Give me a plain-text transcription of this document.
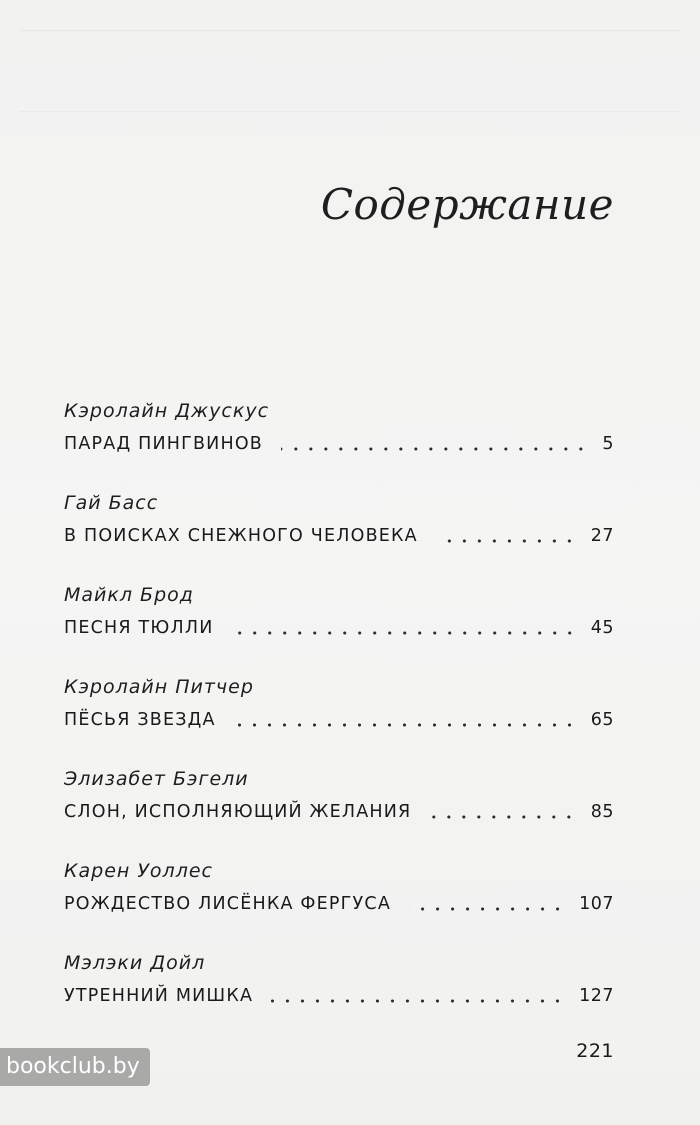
Содержание
Кэролайн Джускус
ПАРАД ПИНГВИНОВ	5
Гай Басс
В ПОИСКАХ СНЕЖНОГО ЧЕЛОВЕКА	27
Майкл Брод
ПЕСНЯ ТЮЛЛИ	45
Кэролайн Питчер
ПЁСЬЯ ЗВЕЗДА	65
Элизабет Бэгели
СЛОН, ИСПОЛНЯЮЩИЙ ЖЕЛАНИЯ	85
Карен Уоллес
РОЖДЕСТВО ЛИСЁНКА ФЕРГУСА	107
Мэлэки Дойл
УТРЕННИЙ МИШКА	127
221
bookclub.by
